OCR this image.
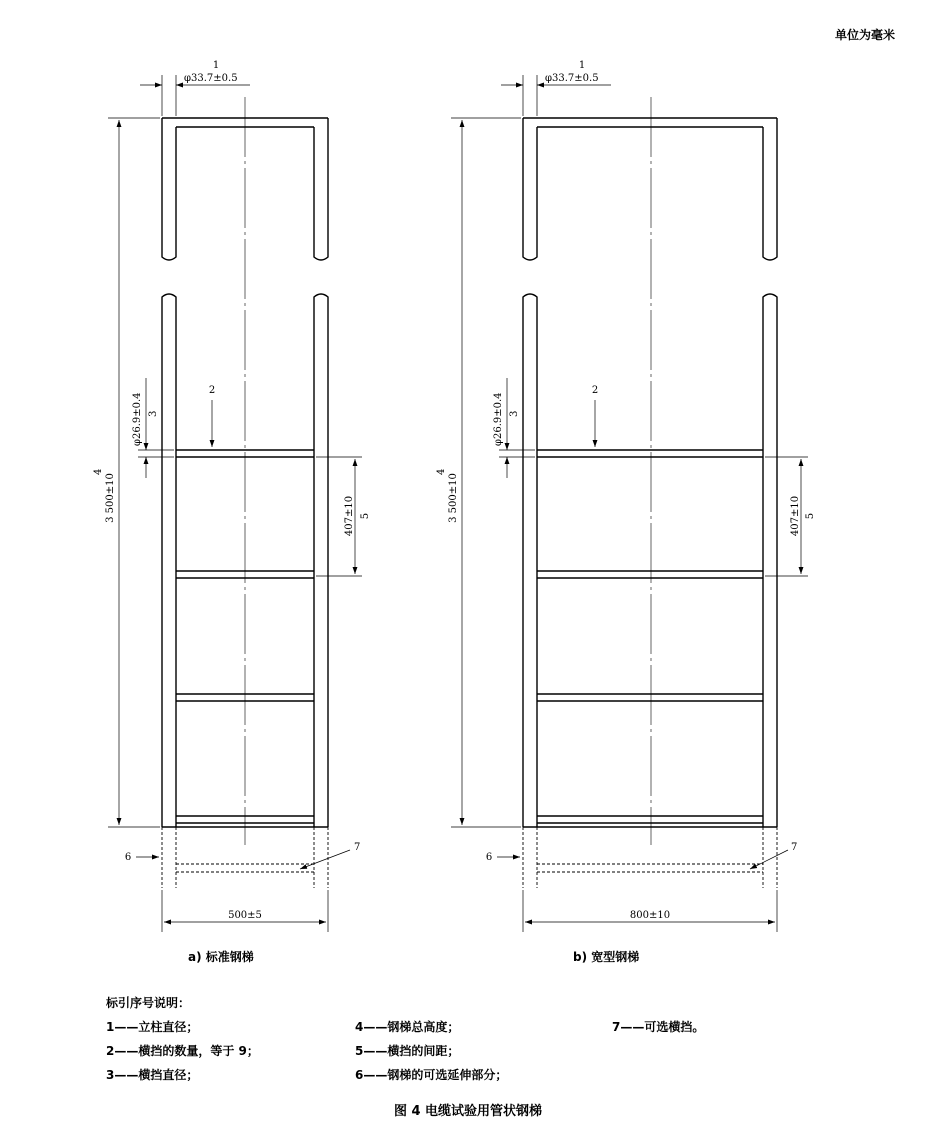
1
φ33.7±0.5
2
φ26.9±0.4 3
4
3 500±10	407±10 5
6
7
500±5
1
φ33.7±0.5
2
φ26.9±0.4 3
4
3 500±10	407±10 5
6
7
800±10
单位为毫米
a) 标准钢梯	b) 宽型钢梯
标引序号说明：
1——立柱直径；
2——横挡的数量，等于 9；
3——横挡直径；
4——钢梯总高度；
5——横挡的间距；
6——钢梯的可选延伸部分；
7——可选横挡。
图 4 电缆试验用管状钢梯
